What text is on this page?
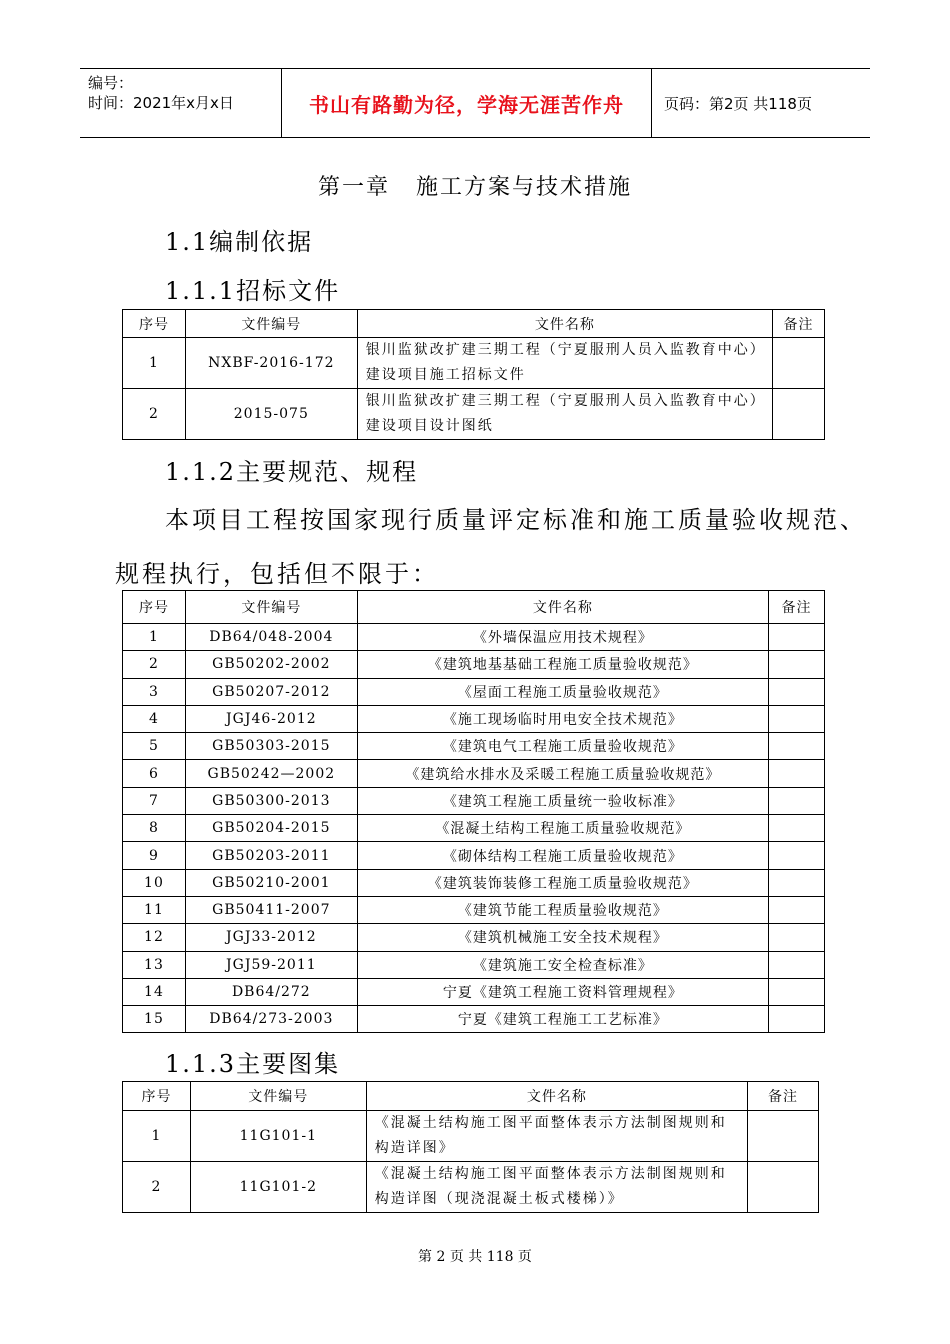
编号：
时间：2021年x月x日	书山有路勤为径，学海无涯苦作舟	页码：第2页 共118页
第一章 施工方案与技术措施
1.1编制依据
1.1.1招标文件
序号	文件编号	文件名称	备注
1	NXBF-2016-172	银川监狱改扩建三期工程（宁夏服刑人员入监教育中心）建设项目施工招标文件	
2	2015-075	银川监狱改扩建三期工程（宁夏服刑人员入监教育中心）建设项目设计图纸	
1.1.2主要规范、规程
本项目工程按国家现行质量评定标准和施工质量验收规范、
规程执行，包括但不限于：
序号	文件编号	文件名称	备注
1	DB64/048-2004	《外墙保温应用技术规程》	
2	GB50202-2002	《建筑地基基础工程施工质量验收规范》	
3	GB50207-2012	《屋面工程施工质量验收规范》	
4	JGJ46-2012	《施工现场临时用电安全技术规范》	
5	GB50303-2015	《建筑电气工程施工质量验收规范》	
6	GB50242—2002	《建筑给水排水及采暖工程施工质量验收规范》	
7	GB50300-2013	《建筑工程施工质量统一验收标准》	
8	GB50204-2015	《混凝土结构工程施工质量验收规范》	
9	GB50203-2011	《砌体结构工程施工质量验收规范》	
10	GB50210-2001	《建筑装饰装修工程施工质量验收规范》	
11	GB50411-2007	《建筑节能工程质量验收规范》	
12	JGJ33-2012	《建筑机械施工安全技术规程》	
13	JGJ59-2011	《建筑施工安全检查标准》	
14	DB64/272	宁夏《建筑工程施工资料管理规程》	
15	DB64/273-2003	宁夏《建筑工程施工工艺标准》	
1.1.3主要图集
序号	文件编号	文件名称	备注
1	11G101-1	《混凝土结构施工图平面整体表示方法制图规则和构造详图》	
2	11G101-2	《混凝土结构施工图平面整体表示方法制图规则和构造详图（现浇混凝土板式楼梯）》	
第 2 页 共 118 页
